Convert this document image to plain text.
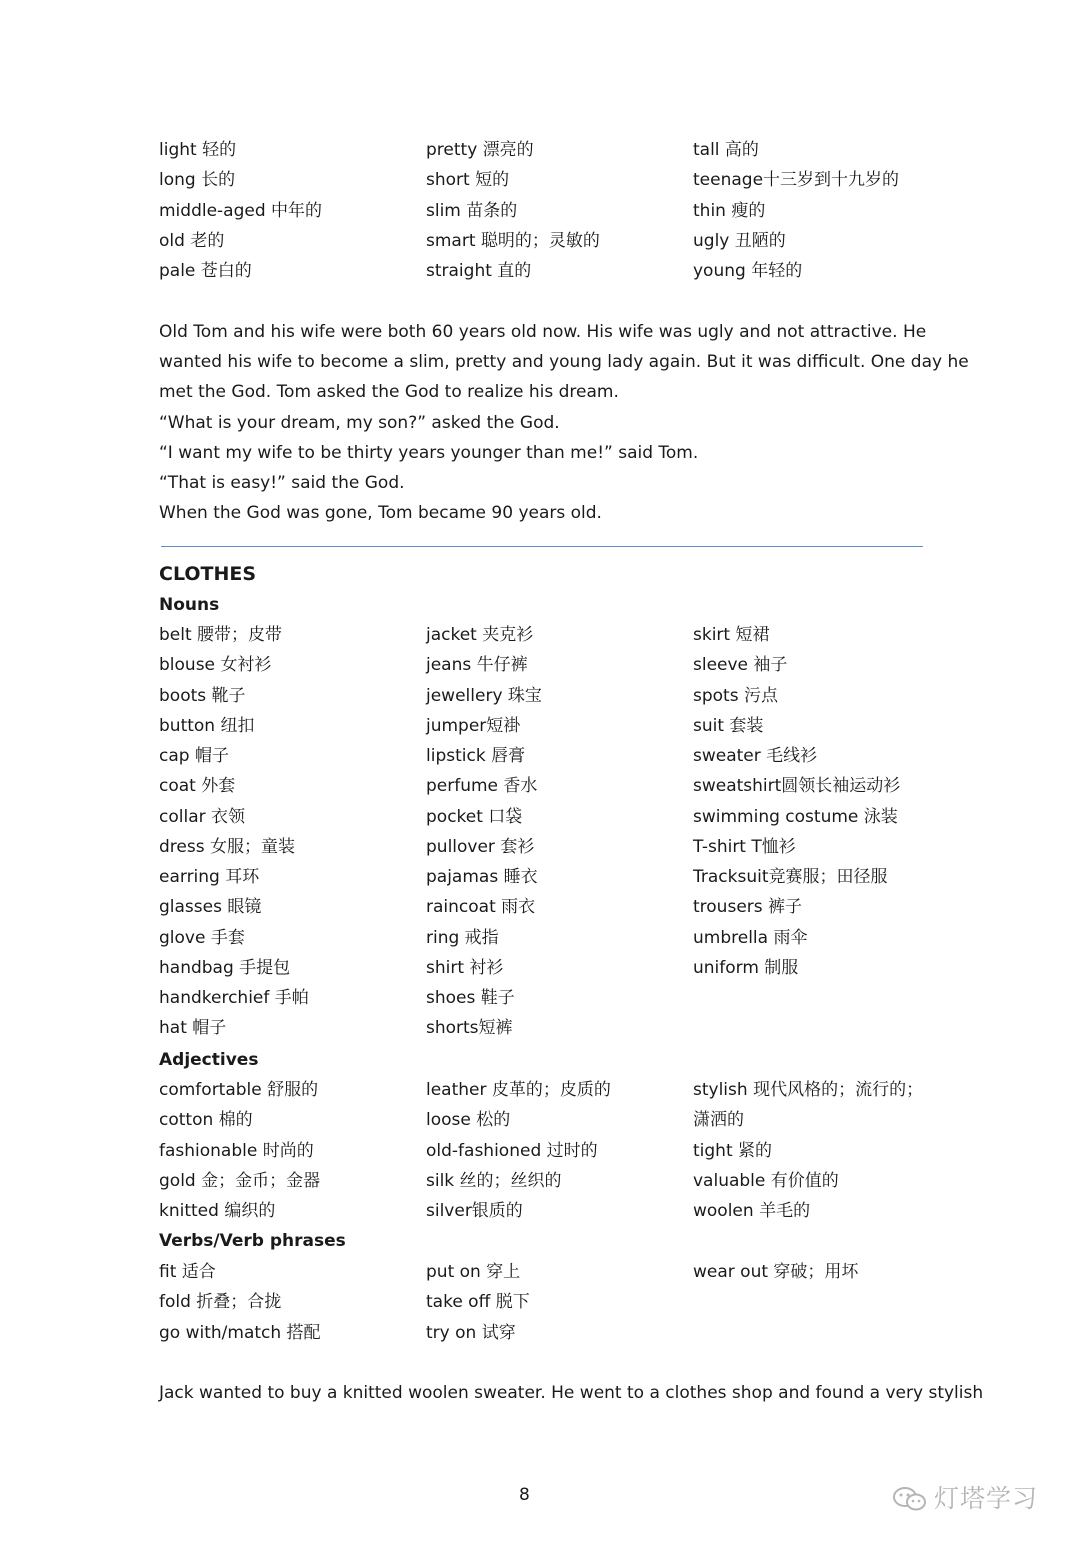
light 轻的	pretty 漂亮的	tall 高的
long 长的	short 短的	teenage十三岁到十九岁的
middle-aged 中年的	slim 苗条的	thin 瘦的
old 老的	smart 聪明的；灵敏的	ugly 丑陋的
pale 苍白的	straight 直的	young 年轻的
Old Tom and his wife were both 60 years old now. His wife was ugly and not attractive. He
wanted his wife to become a slim, pretty and young lady again. But it was difficult. One day he
met the God. Tom asked the God to realize his dream.
“What is your dream, my son?” asked the God.
“I want my wife to be thirty years younger than me!” said Tom.
“That is easy!” said the God.
When the God was gone, Tom became 90 years old.
CLOTHES
Nouns
belt 腰带；皮带	jacket 夹克衫	skirt 短裙
blouse 女衬衫	jeans 牛仔裤	sleeve 袖子
boots 靴子	jewellery 珠宝	spots 污点
button 纽扣	jumper短褂	suit 套装
cap 帽子	lipstick 唇膏	sweater 毛线衫
coat 外套	perfume 香水	sweatshirt圆领长袖运动衫
collar 衣领	pocket 口袋	swimming costume 泳装
dress 女服；童装	pullover 套衫	T-shirt T恤衫
earring 耳环	pajamas 睡衣	Tracksuit竞赛服；田径服
glasses 眼镜	raincoat 雨衣	trousers 裤子
glove 手套	ring 戒指	umbrella 雨伞
handbag 手提包	shirt 衬衫	uniform 制服
handkerchief 手帕	shoes 鞋子
hat 帽子	shorts短裤
Adjectives
comfortable 舒服的	leather 皮革的；皮质的	stylish 现代风格的；流行的；
cotton 棉的	loose 松的	潇洒的
fashionable 时尚的	old-fashioned 过时的	tight 紧的
gold 金；金币；金器	silk 丝的；丝织的	valuable 有价值的
knitted 编织的	silver银质的	woolen 羊毛的
Verbs/Verb phrases
fit 适合	put on 穿上	wear out 穿破；用坏
fold 折叠；合拢	take off 脱下
go with/match 搭配	try on 试穿
Jack wanted to buy a knitted woolen sweater. He went to a clothes shop and found a very stylish
8	灯塔学习
